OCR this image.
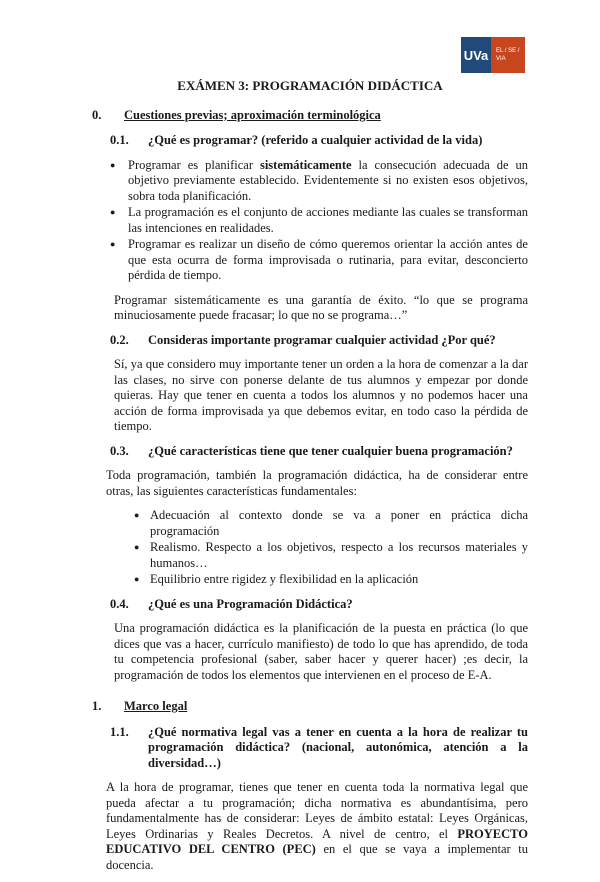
UVa	EL / SE / VIA
EXÁMEN 3: PROGRAMACIÓN DIDÁCTICA
0.	Cuestiones previas; aproximación terminológica
0.1.	¿Qué es programar? (referido a cualquier actividad de la vida)
● Programar es planificar sistemáticamente la consecución adecuada de un objetivo previamente establecido. Evidentemente si no existen esos objetivos, sobra toda planificación.
● La programación es el conjunto de acciones mediante las cuales se transforman las intenciones en realidades.
● Programar es realizar un diseño de cómo queremos orientar la acción antes de que esta ocurra de forma improvisada o rutinaria, para evitar, desconcierto pérdida de tiempo.
Programar sistemáticamente es una garantía de éxito. “lo que se programa minuciosamente puede fracasar; lo que no se programa…”
0.2.	Consideras importante programar cualquier actividad ¿Por qué?
Sí, ya que considero muy importante tener un orden a la hora de comenzar a la dar las clases, no sirve con ponerse delante de tus alumnos y empezar por donde quieras. Hay que tener en cuenta a todos los alumnos y no podemos hacer una acción de forma improvisada ya que debemos evitar, en todo caso la pérdida de tiempo.
0.3.	¿Qué características tiene que tener cualquier buena programación?
Toda programación, también la programación didáctica, ha de considerar entre otras, las siguientes características fundamentales:
● Adecuación al contexto donde se va a poner en práctica dicha programación
● Realismo. Respecto a los objetivos, respecto a los recursos materiales y humanos…
● Equilibrio entre rigidez y flexibilidad en la aplicación
0.4.	¿Qué es una Programación Didáctica?
Una programación didáctica es la planificación de la puesta en práctica (lo que dices que vas a hacer, currículo manifiesto) de todo lo que has aprendido, de toda tu competencia profesional (saber, saber hacer y querer hacer) ;es decir, la programación de todos los elementos que intervienen en el proceso de E-A.
1.	Marco legal
1.1.	¿Qué normativa legal vas a tener en cuenta a la hora de realizar tu programación didáctica? (nacional, autonómica, atención a la diversidad…)
A la hora de programar, tienes que tener en cuenta toda la normativa legal que pueda afectar a tu programación; dicha normativa es abundantísima, pero fundamentalmente has de considerar: Leyes de ámbito estatal: Leyes Orgánicas, Leyes Ordinarias y Reales Decretos. A nivel de centro, el PROYECTO EDUCATIVO DEL CENTRO (PEC) en el que se vaya a implementar tu docencia.
